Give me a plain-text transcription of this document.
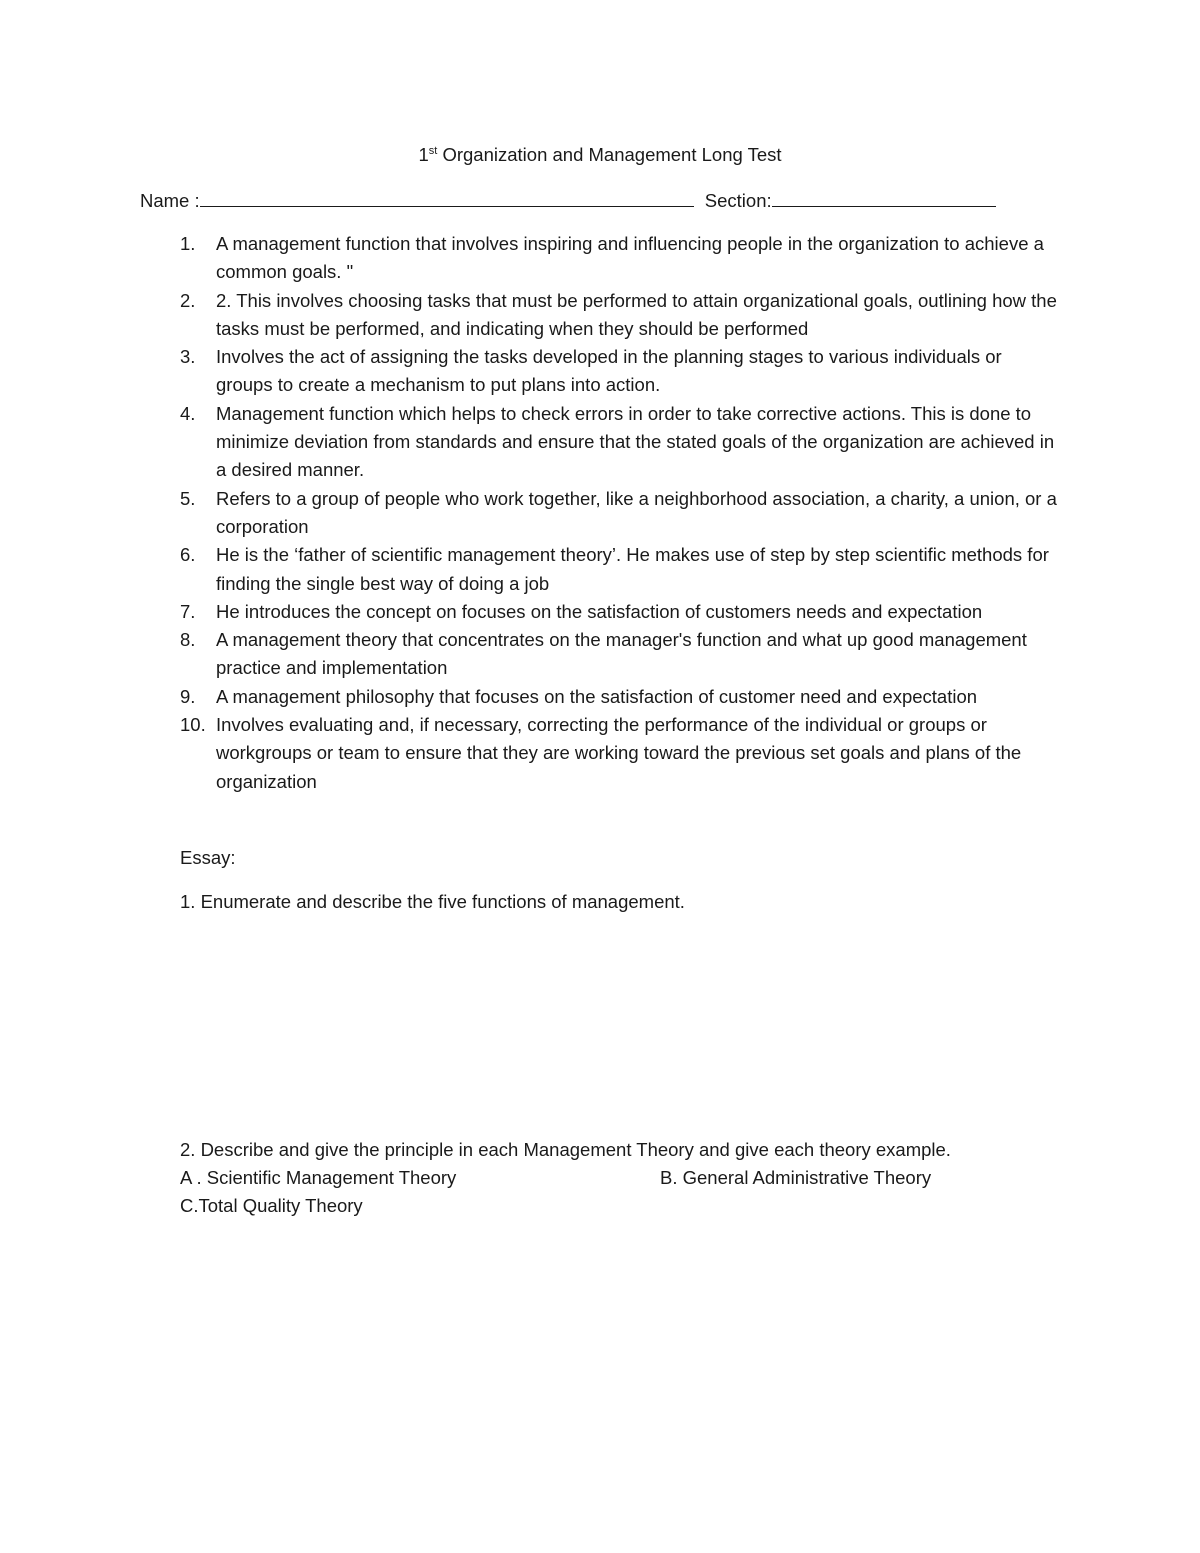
1st Organization and Management Long Test
Name :	Section:
1.	A management function that involves inspiring and influencing people in the organization to achieve a common goals. "
2.	2. This involves choosing tasks that must be performed to attain organizational goals, outlining how the tasks must be performed, and indicating when they should be performed
3.	Involves the act of assigning the tasks developed in the planning stages to various individuals or groups to create a mechanism to put plans into action.
4.	Management function which helps to check errors in order to take corrective actions. This is done to minimize deviation from standards and ensure that the stated goals of the organization are achieved in a desired manner.
5.	Refers to a group of people who work together, like a neighborhood association, a charity, a union, or a corporation
6.	He is the ‘father of scientific management theory’. He makes use of step by step scientific methods for finding the single best way of doing a job
7.	He introduces the concept on focuses on the satisfaction of customers needs and expectation
8.	A management theory that concentrates on the manager's function and what up good management practice and implementation
9.	A management philosophy that focuses on the satisfaction of customer need and expectation
10. Involves evaluating and, if necessary, correcting the performance of the individual or groups or workgroups or team to ensure that they are working toward the previous set goals and plans of the organization
Essay:
1. Enumerate and describe the five functions of management.
2. Describe and give the principle in each Management Theory and give each theory example.
A . Scientific Management Theory	B. General Administrative Theory
C.Total Quality Theory
